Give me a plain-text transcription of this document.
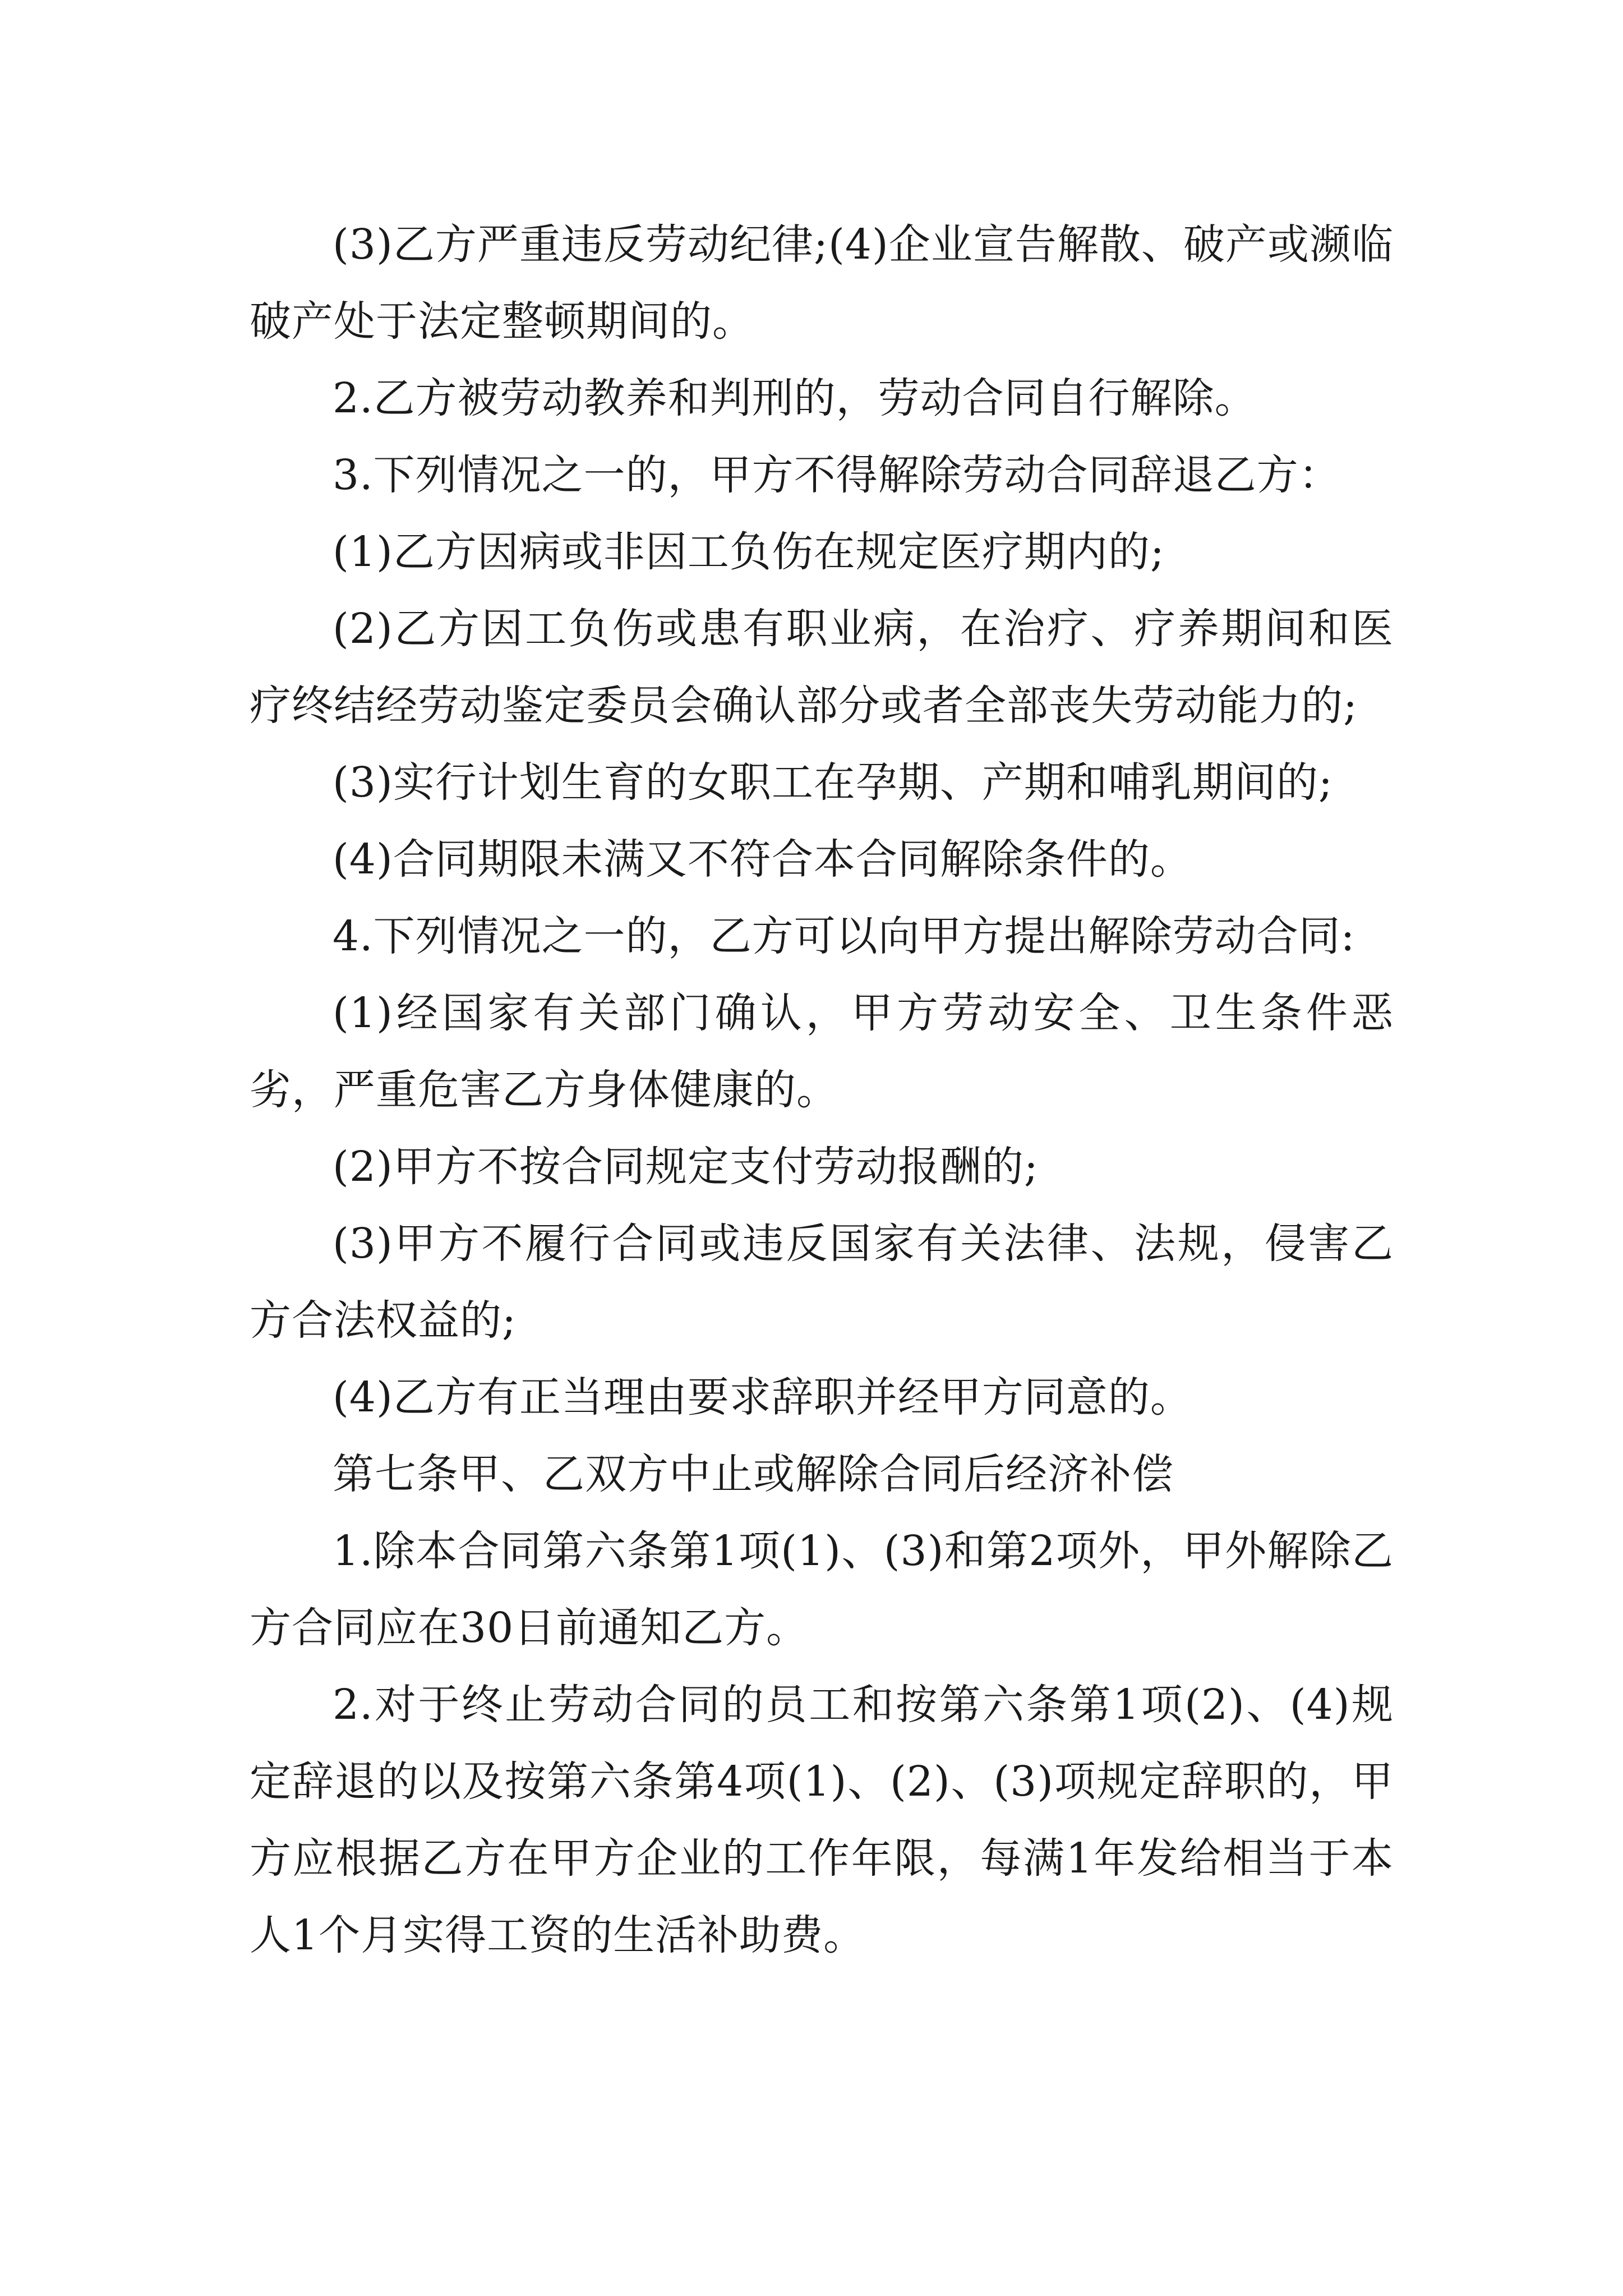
(3)乙方严重违反劳动纪律;(4)企业宣告解散、破产或濒临破产处于法定整顿期间的。

2.乙方被劳动教养和判刑的，劳动合同自行解除。

3.下列情况之一的，甲方不得解除劳动合同辞退乙方：

(1)乙方因病或非因工负伤在规定医疗期内的;

(2)乙方因工负伤或患有职业病，在治疗、疗养期间和医疗终结经劳动鉴定委员会确认部分或者全部丧失劳动能力的;

(3)实行计划生育的女职工在孕期、产期和哺乳期间的;

(4)合同期限未满又不符合本合同解除条件的。

4.下列情况之一的，乙方可以向甲方提出解除劳动合同:

(1)经国家有关部门确认，甲方劳动安全、卫生条件恶劣，严重危害乙方身体健康的。

(2)甲方不按合同规定支付劳动报酬的;

(3)甲方不履行合同或违反国家有关法律、法规，侵害乙方合法权益的;

(4)乙方有正当理由要求辞职并经甲方同意的。

第七条甲、乙双方中止或解除合同后经济补偿

1.除本合同第六条第1项(1)、(3)和第2项外，甲外解除乙方合同应在30日前通知乙方。

2.对于终止劳动合同的员工和按第六条第1项(2)、(4)规定辞退的以及按第六条第4项(1)、(2)、(3)项规定辞职的，甲方应根据乙方在甲方企业的工作年限，每满1年发给相当于本人1个月实得工资的生活补助费。
